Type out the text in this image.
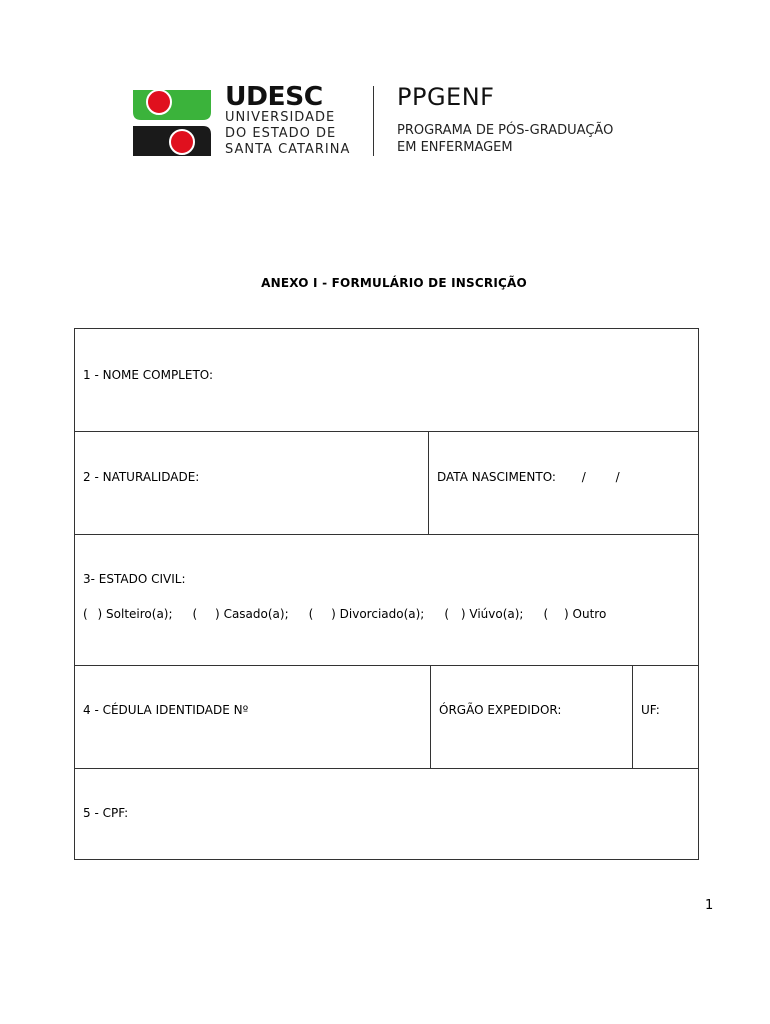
UDESC
UNIVERSIDADE
DO ESTADO DE
SANTA CATARINA
PPGENF
PROGRAMA DE PÓS-GRADUAÇÃO
EM ENFERMAGEM
ANEXO I - FORMULÁRIO DE INSCRIÇÃO
1 - NOME COMPLETO:
2 - NATURALIDADE:	DATA NASCIMENTO: / /
3- ESTADO CIVIL:
( ) Solteiro(a); ( ) Casado(a); ( ) Divorciado(a); ( ) Viúvo(a); ( ) Outro
4 - CÉDULA IDENTIDADE Nº	ÓRGÃO EXPEDIDOR:	UF:
5 - CPF:
1
